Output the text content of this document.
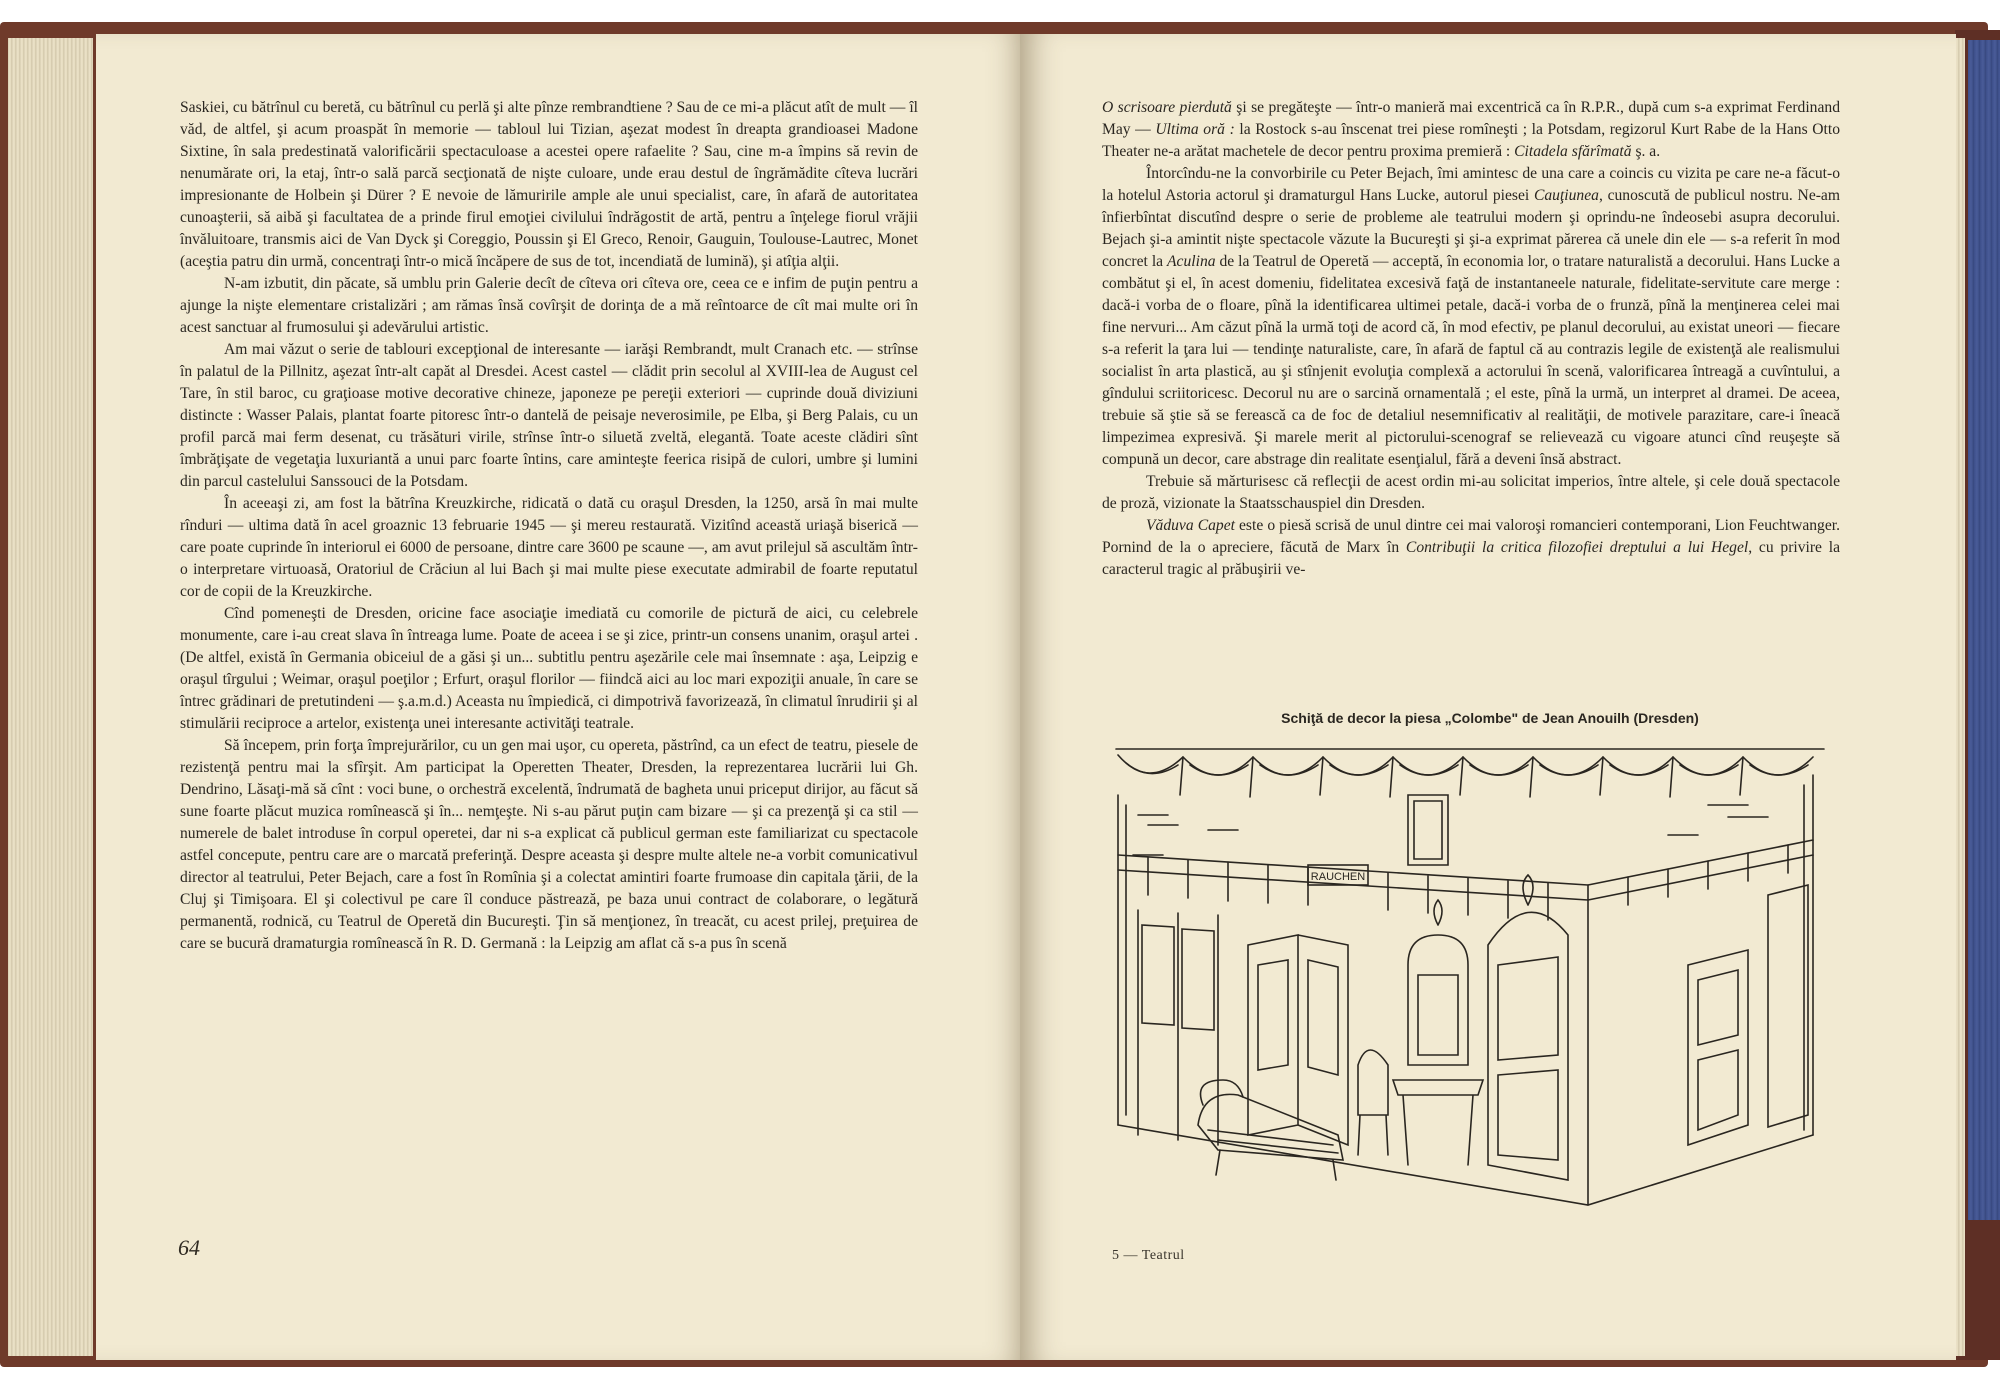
Saskiei, cu bătrînul cu beretă, cu bătrînul cu perlă şi alte pînze rembrandtiene ? Sau de ce mi-a plăcut atît de mult — îl văd, de altfel, şi acum proaspăt în memorie — tabloul lui Tizian, aşezat modest în dreapta grandioasei Madone Sixtine, în sala predestinată valorificării spectaculoase a acestei opere rafaelite ? Sau, cine m-a împins să revin de nenumărate ori, la etaj, într-o sală parcă secţionată de nişte culoare, unde erau destul de îngrămădite cîteva lucrări impresionante de Holbein şi Dürer ? E nevoie de lămuririle ample ale unui specialist, care, în afară de autoritatea cunoaşterii, să aibă şi facultatea de a prinde firul emoţiei civilului îndrăgostit de artă, pentru a înţelege fiorul vrăjii învăluitoare, transmis aici de Van Dyck şi Coreggio, Poussin şi El Greco, Renoir, Gauguin, Toulouse-Lautrec, Monet (aceştia patru din urmă, concentraţi într-o mică încăpere de sus de tot, incendiată de lumină), şi atîţia alţii.

N-am izbutit, din păcate, să umblu prin Galerie decît de cîteva ori cîteva ore, ceea ce e infim de puţin pentru a ajunge la nişte elementare cristalizări ; am rămas însă covîrşit de dorinţa de a mă reîntoarce de cît mai multe ori în acest sanctuar al frumosului şi adevărului artistic.

Am mai văzut o serie de tablouri excepţional de interesante — iarăşi Rembrandt, mult Cranach etc. — strînse în palatul de la Pillnitz, aşezat într-alt capăt al Dresdei. Acest castel — clădit prin secolul al XVIII-lea de August cel Tare, în stil baroc, cu graţioase motive decorative chineze, japoneze pe pereţii exteriori — cuprinde două diviziuni distincte : Wasser Palais, plantat foarte pitoresc într-o dantelă de peisaje neverosimile, pe Elba, şi Berg Palais, cu un profil parcă mai ferm desenat, cu trăsături virile, strînse într-o siluetă zveltă, elegantă. Toate aceste clădiri sînt îmbrăţişate de vegetaţia luxuriantă a unui parc foarte întins, care aminteşte feerica risipă de culori, umbre şi lumini din parcul castelului Sanssouci de la Potsdam.

În aceeaşi zi, am fost la bătrîna Kreuzkirche, ridicată o dată cu oraşul Dresden, la 1250, arsă în mai multe rînduri — ultima dată în acel groaznic 13 februarie 1945 — şi mereu restaurată. Vizitînd această uriaşă biserică — care poate cuprinde în interiorul ei 6000 de persoane, dintre care 3600 pe scaune —, am avut prilejul să ascultăm într-o interpretare virtuoasă, Oratoriul de Crăciun al lui Bach şi mai multe piese executate admirabil de foarte reputatul cor de copii de la Kreuzkirche.

Cînd pomeneşti de Dresden, oricine face asociaţie imediată cu comorile de pictură de aici, cu celebrele monumente, care i-au creat slava în întreaga lume. Poate de aceea i se şi zice, printr-un consens unanim, oraşul artei .(De altfel, există în Germania obiceiul de a găsi şi un... subtitlu pentru aşezările cele mai însemnate : aşa, Leipzig e oraşul tîrgului ; Weimar, oraşul poeţilor ; Erfurt, oraşul florilor — fiindcă aici au loc mari expoziţii anuale, în care se întrec grădinari de pretutindeni — ş.a.m.d.) Aceasta nu împiedică, ci dimpotrivă favorizează, în climatul înrudirii şi al stimulării reciproce a artelor, existenţa unei interesante activităţi teatrale.

Să începem, prin forţa împrejurărilor, cu un gen mai uşor, cu opereta, păstrînd, ca un efect de teatru, piesele de rezistenţă pentru mai la sfîrşit. Am participat la Operetten Theater, Dresden, la reprezentarea lucrării lui Gh. Dendrino, Lăsaţi-mă să cînt : voci bune, o orchestră excelentă, îndrumată de bagheta unui priceput dirijor, au făcut să sune foarte plăcut muzica romînească şi în... nemţeşte. Ni s-au părut puţin cam bizare — şi ca prezenţă şi ca stil — numerele de balet introduse în corpul operetei, dar ni s-a explicat că publicul german este familiarizat cu spectacole astfel concepute, pentru care are o marcată preferinţă. Despre aceasta şi despre multe altele ne-a vorbit comunicativul director al teatrului, Peter Bejach, care a fost în Romînia şi a colectat amintiri foarte frumoase din capitala ţării, de la Cluj şi Timişoara. El şi colectivul pe care îl conduce păstrează, pe baza unui contract de colaborare, o legătură permanentă, rodnică, cu Teatrul de Operetă din Bucureşti. Ţin să menţionez, în treacăt, cu acest prilej, preţuirea de care se bucură dramaturgia romînească în R. D. Germană : la Leipzig am aflat că s-a pus în scenă

64

O scrisoare pierdută şi se pregăteşte — într-o manieră mai excentrică ca în R.P.R., după cum s-a exprimat Ferdinand May — Ultima oră : la Rostock s-au înscenat trei piese romîneşti ; la Potsdam, regizorul Kurt Rabe de la Hans Otto Theater ne-a arătat machetele de decor pentru proxima premieră : Citadela sfărîmată ş. a.

Întorcîndu-ne la convorbirile cu Peter Bejach, îmi amintesc de una care a coincis cu vizita pe care ne-a făcut-o la hotelul Astoria actorul şi dramaturgul Hans Lucke, autorul piesei Cauţiunea, cunoscută de publicul nostru. Ne-am înfierbîntat discutînd despre o serie de probleme ale teatrului modern şi oprindu-ne îndeosebi asupra decorului. Bejach şi-a amintit nişte spectacole văzute la Bucureşti şi şi-a exprimat părerea că unele din ele — s-a referit în mod concret la Aculina de la Teatrul de Operetă — acceptă, în economia lor, o tratare naturalistă a decorului. Hans Lucke a combătut şi el, în acest domeniu, fidelitatea excesivă faţă de instantaneele naturale, fidelitate-servitute care merge : dacă-i vorba de o floare, pînă la identificarea ultimei petale, dacă-i vorba de o frunză, pînă la menţinerea celei mai fine nervuri... Am căzut pînă la urmă toţi de acord că, în mod efectiv, pe planul decorului, au existat uneori — fiecare s-a referit la ţara lui — tendinţe naturaliste, care, în afară de faptul că au contrazis legile de existenţă ale realismului socialist în arta plastică, au şi stînjenit evoluţia complexă a actorului în scenă, valorificarea întreagă a cuvîntului, a gîndului scriitoricesc. Decorul nu are o sarcină ornamentală ; el este, pînă la urmă, un interpret al dramei. De aceea, trebuie să ştie să se ferească ca de foc de detaliul nesemnificativ al realităţii, de motivele parazitare, care-i îneacă limpezimea expresivă. Şi marele merit al pictorului-scenograf se relievează cu vigoare atunci cînd reuşeşte să compună un decor, care abstrage din realitate esenţialul, fără a deveni însă abstract.

Trebuie să mărturisesc că reflecţii de acest ordin mi-au solicitat imperios, între altele, şi cele două spectacole de proză, vizionate la Staatsschauspiel din Dresden.

Văduva Capet este o piesă scrisă de unul dintre cei mai valoroşi romancieri contemporani, Lion Feuchtwanger. Pornind de la o apreciere, făcută de Marx în Contribuţii la critica filozofiei dreptului a lui Hegel, cu privire la caracterul tragic al prăbuşirii ve-

Schiţă de decor la piesa „Colombe" de Jean Anouilh (Dresden)
RAUCHEN
5 — Teatrul
